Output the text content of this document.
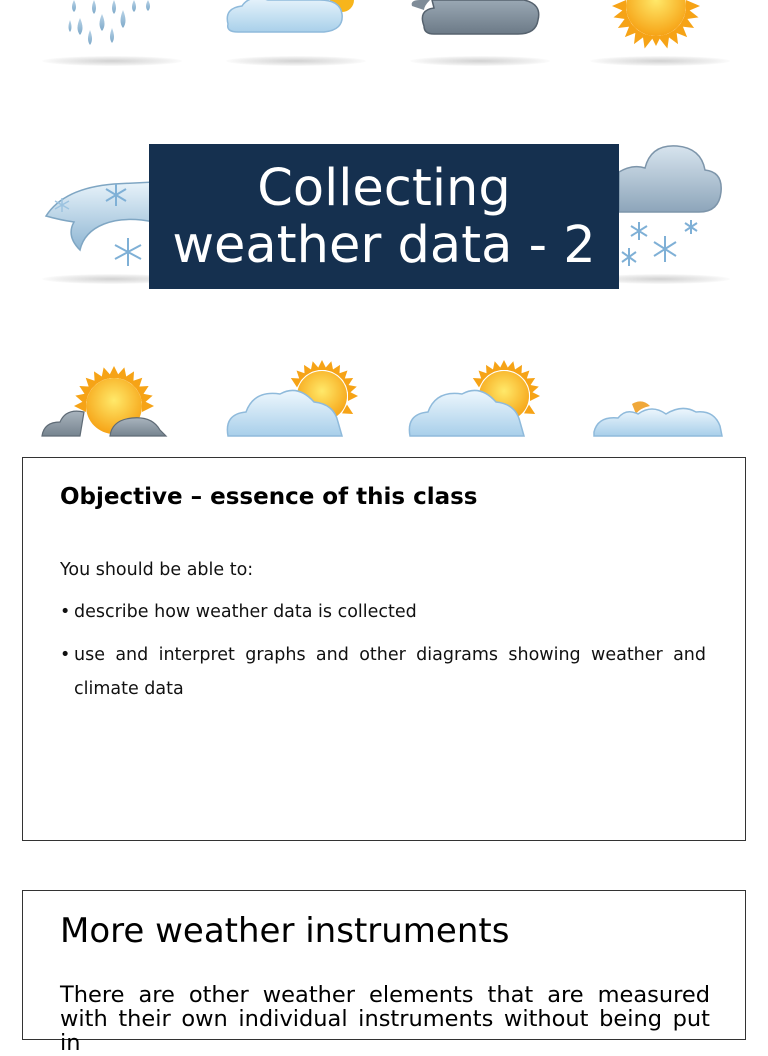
Collecting
weather data - 2
Objective – essence of this class
You should be able to:
• describe how weather data is collected
• use and interpret graphs and other diagrams showing weather and climate data
More weather instruments
There are other weather elements that are measured with their own individual instruments without being put in
